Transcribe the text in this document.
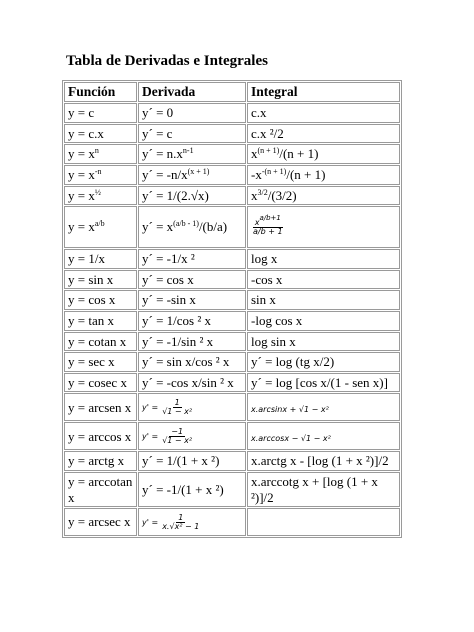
Tabla de Derivadas e Integrales
Función	Derivada	Integral
y = c	y´ = 0	c.x
y = c.x	y´ = c	c.x ²/2
$y = x^n$	y´ = $n.x^{n-1}$	$x^{(n + 1)}/(n + 1)$
$y = x^{-n}$	y´ = $-n/x^{(x + 1)}$	$-x^{-(n + 1)}/(n + 1)$
$y = x^{\frac{1}{2}}$	y´ = 1/(2.√x)	$x^{3/2}/(3/2)$
$y = x^{a/b}$	y´ = $x^{(a/b - 1)}/(b/a)$	$\frac{x^{a/b+1}}{a/b + 1}$

y = 1/x	y´ = -1/x ²	log x
y = sin x	y´ = cos x	-cos x
y = cos x	y´ = -sin x	sin x
y = tan x	y´ = 1/cos ² x	-log cos x
y = cotan x	y´ = -1/sin ² x	log sin x
y = sec x	y´ = sin x/cos ² x	y´ = log (tg x/2)
y = cosec x	y´ = -cos x/sin ² x	y´ = log [cos x/(1 - sen x)]
y = arcsen x	$y' = \frac{1}{\text{√1 − x²}}$	x.arcsinx + √1 − x²
y = arccos x	$y' = \frac{-1}{\text{√1 − x²}}$	x.arccosx − √1 − x²
y = arctg x	y´ = 1/(1 + x ²)	x.arctg x - [log (1 + x ²)]/2
y = arccotan x	y´ = -1/(1 + x ²)	x.arccotg x + [log (1 + x ²)]/2
y = arcsec x	$y' = \frac{1}{\text{x.√x² − 1}}$
